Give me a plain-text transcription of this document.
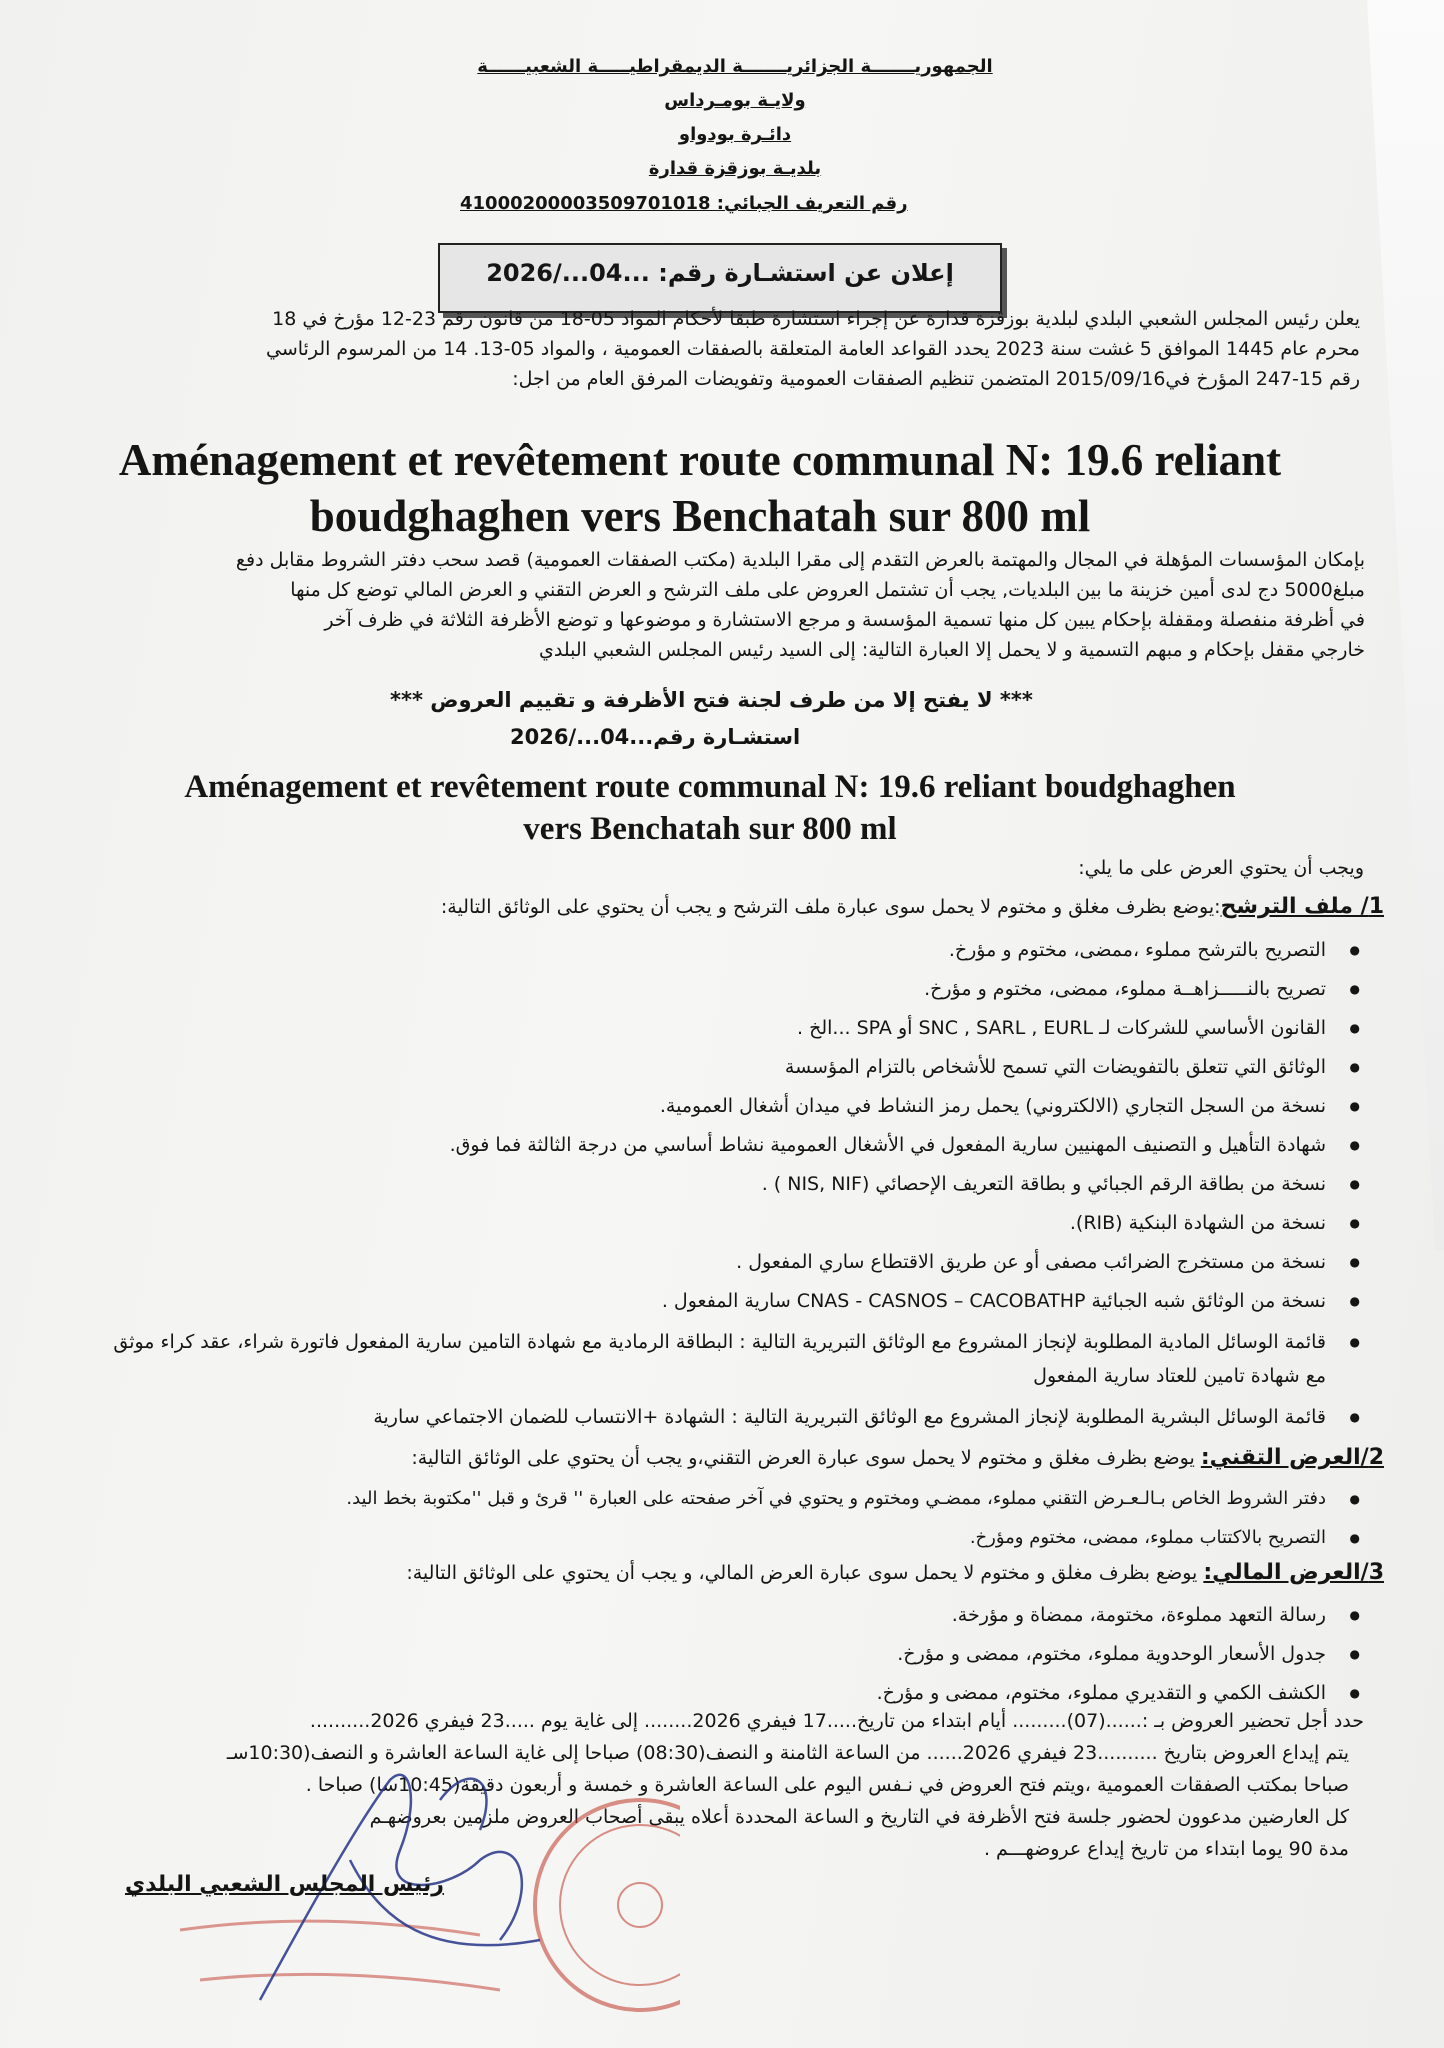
الجمهوريـــــــة الجزائريـــــــة الديمقراطيـــــة الشعبيــــــة
ولايـة بومـرداس
دائـرة بودواو
بلديـة بوزقزة قدارة
رقم التعريف الجبائي: 41000200003509701018
إعلان عن استشـارة رقم: ...04.../2026
يعلن رئيس المجلس الشعبي البلدي لبلدية بوزقزة قدارة عن إجراء استشارة طبقا لأحكام المواد 05-18 من قانون رقم 23-12 مؤرخ في 18
محرم عام 1445 الموافق 5 غشت سنة 2023 يحدد القواعد العامة المتعلقة بالصفقات العمومية ، والمواد 05-13. 14 من المرسوم الرئاسي
رقم 15-247 المؤرخ في2015/09/16 المتضمن تنظيم الصفقات العمومية وتفويضات المرفق العام من اجل:
Aménagement et revêtement route communal N: 19.6 reliant
boudghaghen vers Benchatah sur 800 ml
بإمكان المؤسسات المؤهلة في المجال والمهتمة بالعرض التقدم إلى مقرا البلدية (مكتب الصفقات العمومية) قصد سحب دفتر الشروط مقابل دفع
مبلغ5000 دج لدى أمين خزينة ما بين البلديات, يجب أن تشتمل العروض على ملف الترشح و العرض التقني و العرض المالي توضع كل منها
في أظرفة منفصلة ومقفلة بإحكام يبين كل منها تسمية المؤسسة و مرجع الاستشارة و موضوعها و توضع الأظرفة الثلاثة في ظرف آخر
خارجي مقفل بإحكام و مبهم التسمية و لا يحمل إلا العبارة التالية: إلى السيد رئيس المجلس الشعبي البلدي
*** لا يفتح إلا من طرف لجنة فتح الأظرفة و تقييم العروض ***
استشـارة رقم...04.../2026
Aménagement et revêtement route communal N: 19.6 reliant boudghaghen
vers Benchatah sur 800 ml
ويجب أن يحتوي العرض على ما يلي:
1/ ملف الترشح:يوضع بظرف مغلق و مختوم لا يحمل سوى عبارة ملف الترشح و يجب أن يحتوي على الوثائق التالية:
● التصريح بالترشح مملوء ،ممضى، مختوم و مؤرخ.
● تصريح بالنـــــزاهــة مملوء، ممضى، مختوم و مؤرخ.
● القانون الأساسي للشركات لـ SNC , SARL , EURL أو SPA ...الخ .
● الوثائق التي تتعلق بالتفويضات التي تسمح للأشخاص بالتزام المؤسسة
● نسخة من السجل التجاري (الالكتروني) يحمل رمز النشاط في ميدان أشغال العمومية.
● شهادة التأهيل و التصنيف المهنيين سارية المفعول في الأشغال العمومية نشاط أساسي من درجة الثالثة فما فوق.
● نسخة من بطاقة الرقم الجبائي و بطاقة التعريف الإحصائي (NIS, NIF ) .
● نسخة من الشهادة البنكية (RIB).
● نسخة من مستخرج الضرائب مصفى أو عن طريق الاقتطاع ساري المفعول .
● نسخة من الوثائق شبه الجبائية CNAS - CASNOS – CACOBATHP سارية المفعول .
● قائمة الوسائل المادية المطلوبة لإنجاز المشروع مع الوثائق التبريرية التالية : البطاقة الرمادية مع شهادة التامين سارية المفعول فاتورة شراء، عقد كراء موثق مع شهادة تامين للعتاد سارية المفعول
● قائمة الوسائل البشرية المطلوبة لإنجاز المشروع مع الوثائق التبريرية التالية : الشهادة +الانتساب للضمان الاجتماعي سارية
2/العرض التقني: يوضع بظرف مغلق و مختوم لا يحمل سوى عبارة العرض التقني،و يجب أن يحتوي على الوثائق التالية:
● دفتر الشروط الخاص بـالـعـرض التقني مملوء، ممضـي ومختوم و يحتوي في آخر صفحته على العبارة '' قرئ و قبل ''مكتوبة بخط اليد.
● التصريح بالاكتتاب مملوء، ممضى، مختوم ومؤرخ.
3/العرض المالي: يوضع بظرف مغلق و مختوم لا يحمل سوى عبارة العرض المالي، و يجب أن يحتوي على الوثائق التالية:
● رسالة التعهد مملوءة، مختومة، ممضاة و مؤرخة.
● جدول الأسعار الوحدوية مملوء، مختوم، ممضى و مؤرخ.
● الكشف الكمي و التقديري مملوء، مختوم، ممضى و مؤرخ.
حدد أجل تحضير العروض بـ :......(07)......... أيام ابتداء من تاريخ.....17 فيفري 2026........ إلى غاية يوم .....23 فيفري 2026..........
يتم إيداع العروض بتاريخ ..........23 فيفري 2026...... من الساعة الثامنة و النصف(08:30) صباحا إلى غاية الساعة العاشرة و النصف(10:30سـ
صباحا بمكتب الصفقات العمومية ،ويتم فتح العروض في نـفس اليوم على الساعة العاشرة و خمسة و أربعون دقيقة(10:45سا) صباحا .
كل العارضين مدعوون لحضور جلسة فتح الأظرفة في التاريخ و الساعة المحددة أعلاه يبقى أصحاب العروض ملزمين بعروضهـم
مدة 90 يوما ابتداء من تاريخ إيداع عروضهـــم .
رئيس المجلس الشعبي البلدي
